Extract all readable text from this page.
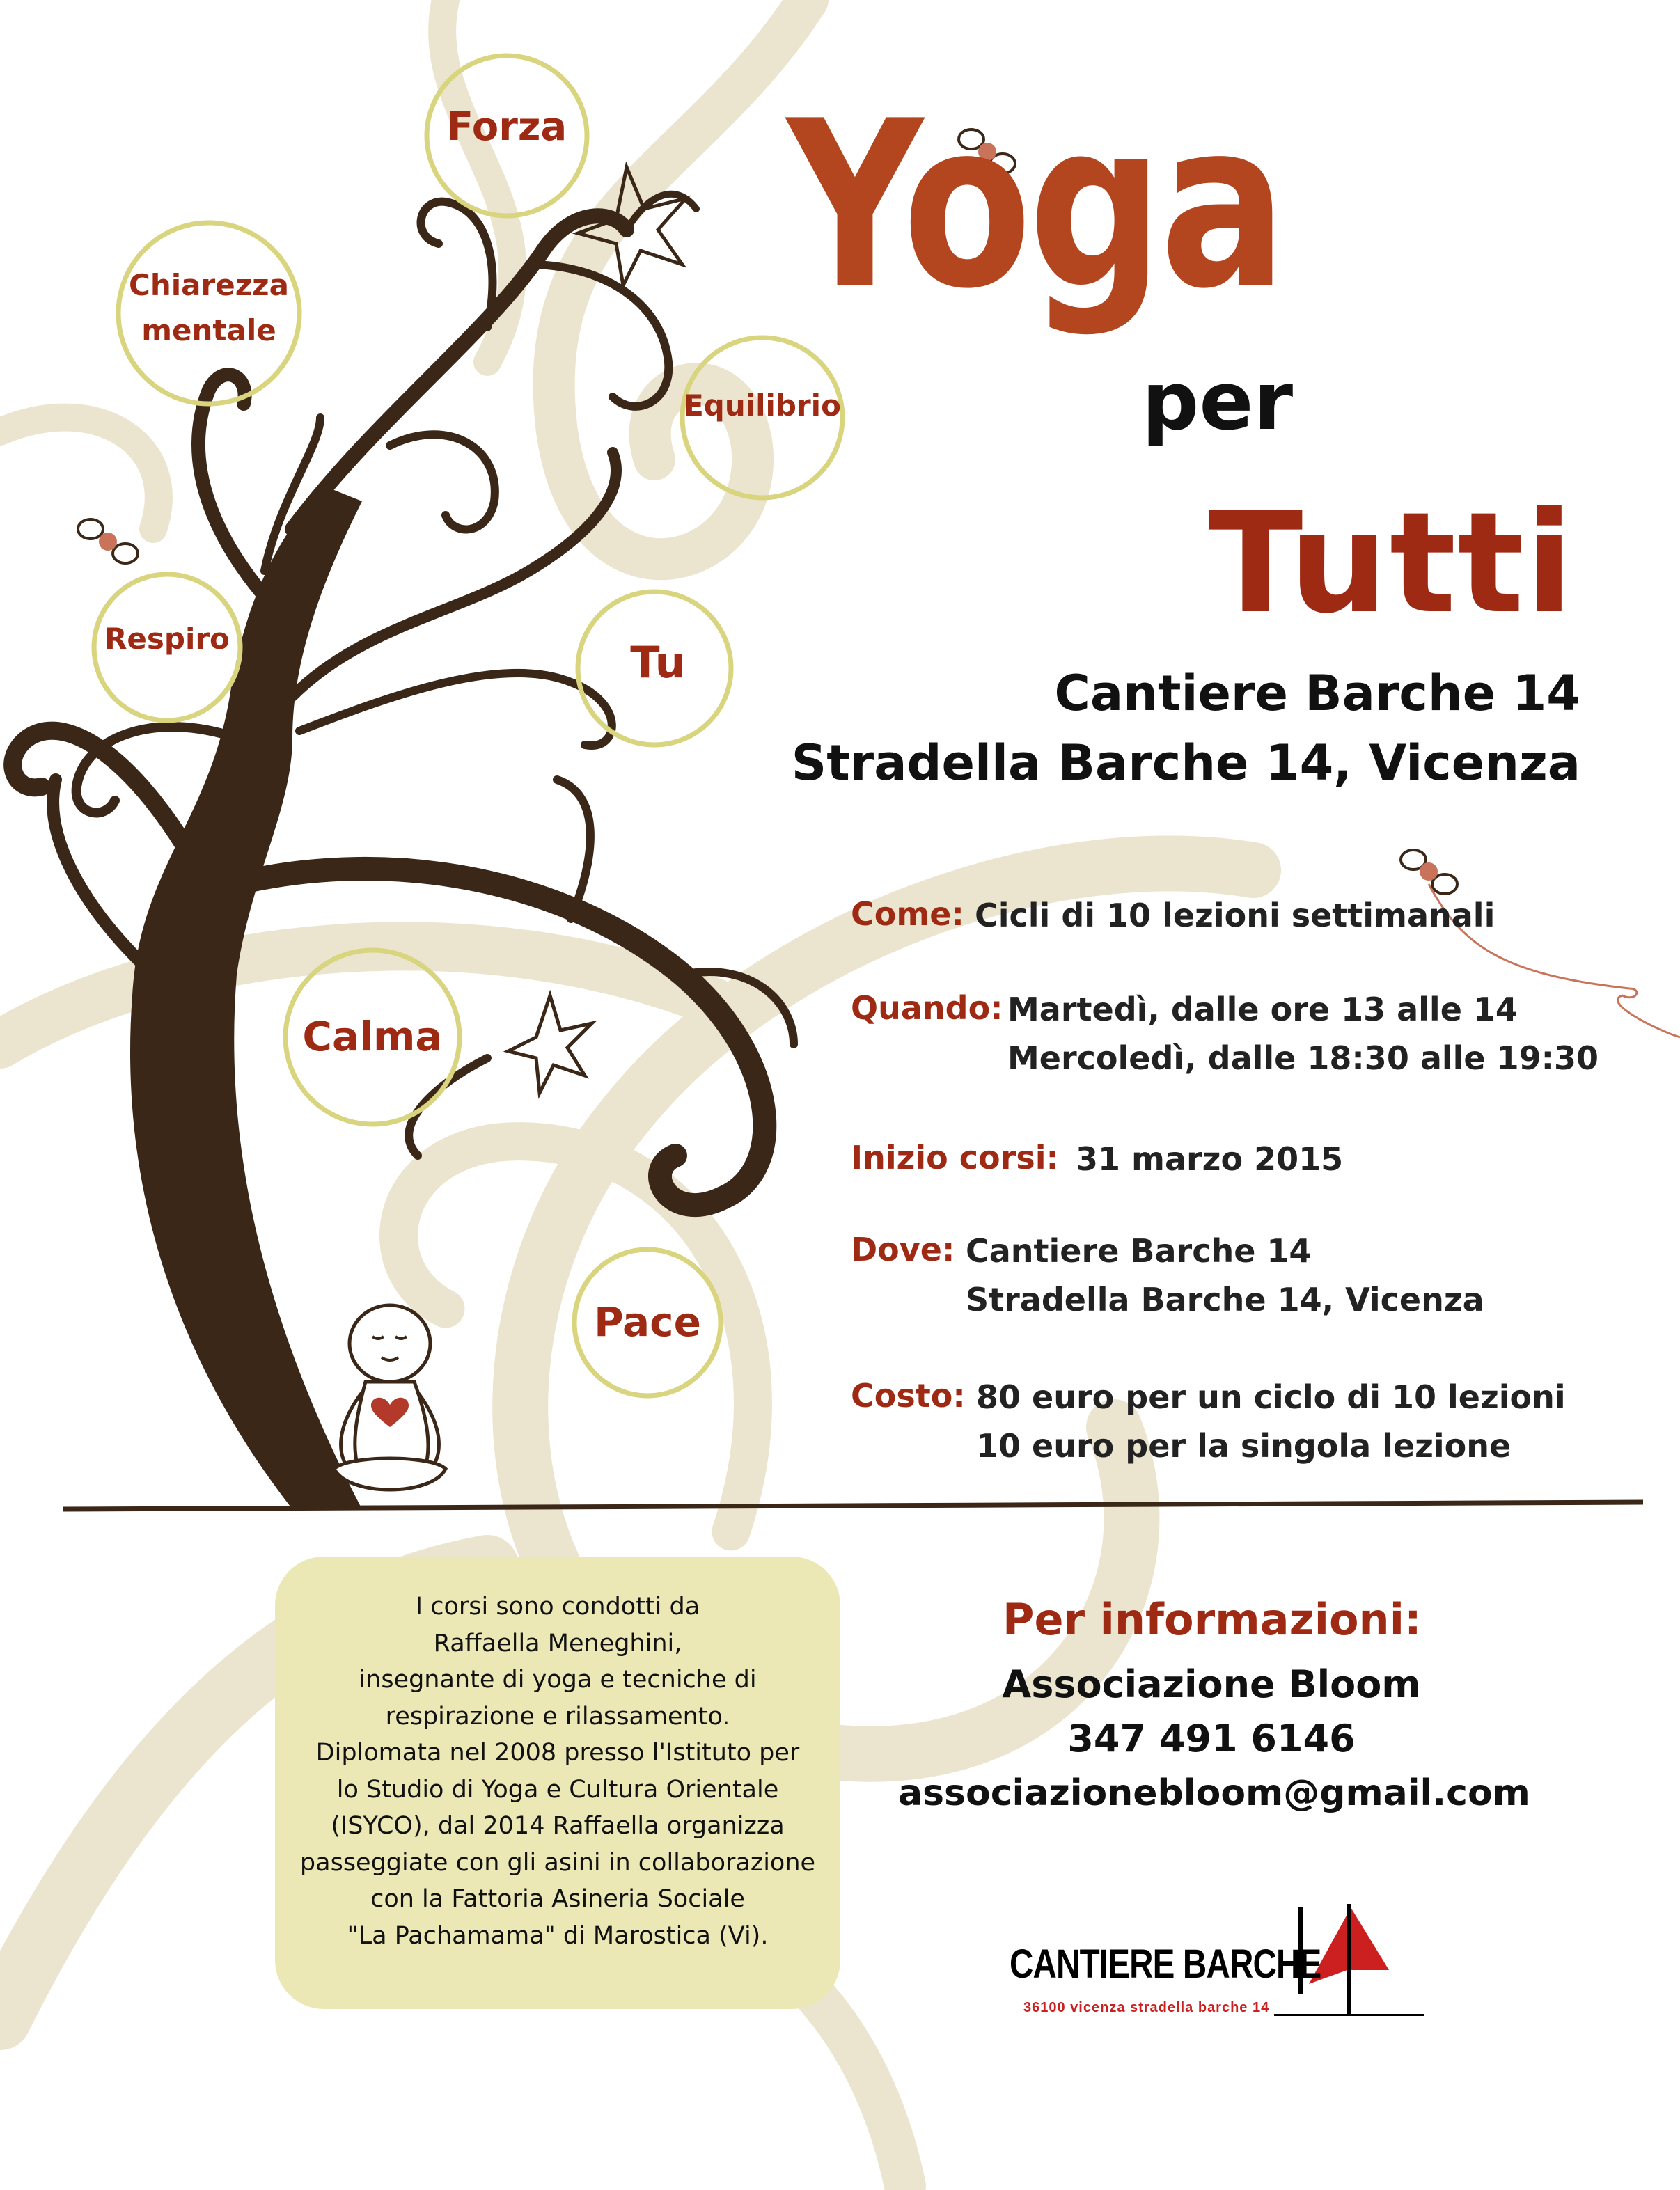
Yoga
per
Tutti
Cantiere Barche 14
Stradella Barche 14, Vicenza
Forza
Chiarezza
mentale
Equilibrio
Respiro	Tu
Calma
Pace
Come: Cicli di 10 lezioni settimanali
Quando: Martedì, dalle ore 13 alle 14
Mercoledì, dalle 18:30 alle 19:30
Inizio corsi: 31 marzo 2015
Dove: Cantiere Barche 14
Stradella Barche 14, Vicenza
Costo: 80 euro per un ciclo di 10 lezioni
10 euro per la singola lezione
I corsi sono condotti da
Raffaella Meneghini,
insegnante di yoga e tecniche di
respirazione e rilassamento.
Diplomata nel 2008 presso l'Istituto per
lo Studio di Yoga e Cultura Orientale
(ISYCO), dal 2014 Raffaella organizza
passeggiate con gli asini in collaborazione
con la Fattoria Asineria Sociale
"La Pachamama" di Marostica (Vi).
Per informazioni:
Associazione Bloom
347 491 6146
associazionebloom@gmail.com
CANTIERE BARCHE
36100 vicenza stradella barche 14
